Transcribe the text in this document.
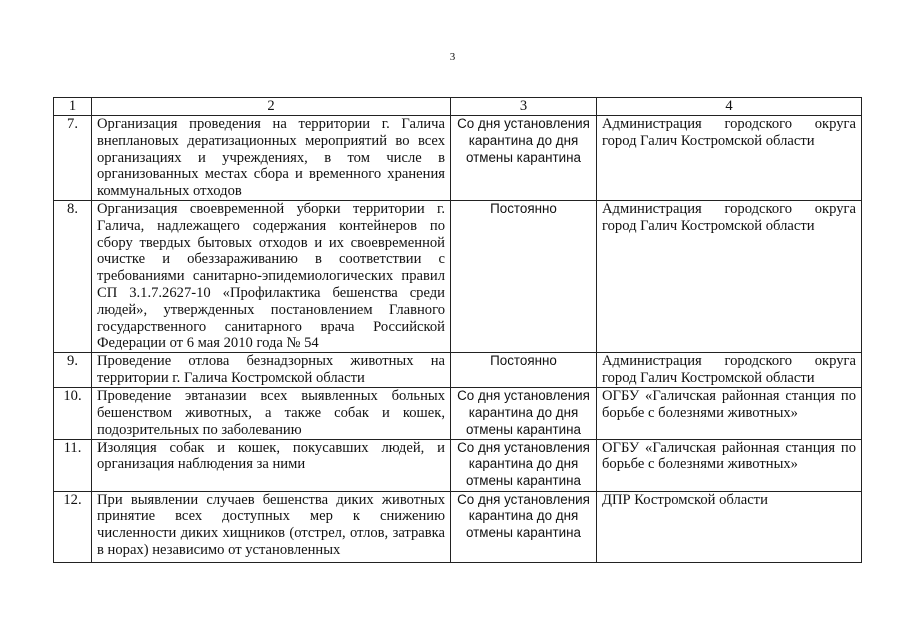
3
1	2	3	4
7.	Организация проведения на территории г. Галича внеплановых дератизационных мероприятий во всех организациях и учреждениях, в том числе в организованных местах сбора и временного хранения коммунальных отходов	Со дня установления карантина до дня отмены карантина	Администрация городского округа город Галич Костромской области
8.	Организация своевременной уборки территории г. Галича, надлежащего содержания контейнеров по сбору твердых бытовых отходов и их своевременной очистке и обеззараживанию в соответствии с требованиями санитарно-эпидемиологических правил СП 3.1.7.2627-10 «Профилактика бешенства среди людей», утвержденных постановлением Главного государственного санитарного врача Российской Федерации от 6 мая 2010 года № 54	Постоянно	Администрация городского округа город Галич Костромской области
9.	Проведение отлова безнадзорных животных на территории г. Галича Костромской области	Постоянно	Администрация городского округа город Галич Костромской области
10.	Проведение эвтаназии всех выявленных больных бешенством животных, а также собак и кошек, подозрительных по заболеванию	Со дня установления карантина до дня отмены карантина	ОГБУ «Галичская районная станция по борьбе с болезнями животных»
11.	Изоляция собак и кошек, покусавших людей, и организация наблюдения за ними	Со дня установления карантина до дня отмены карантина	ОГБУ «Галичская районная станция по борьбе с болезнями животных»
12.	При выявлении случаев бешенства диких животных принятие всех доступных мер к снижению численности диких хищников (отстрел, отлов, затравка в норах) независимо от установленных	Со дня установления карантина до дня отмены карантина	ДПР Костромской области
